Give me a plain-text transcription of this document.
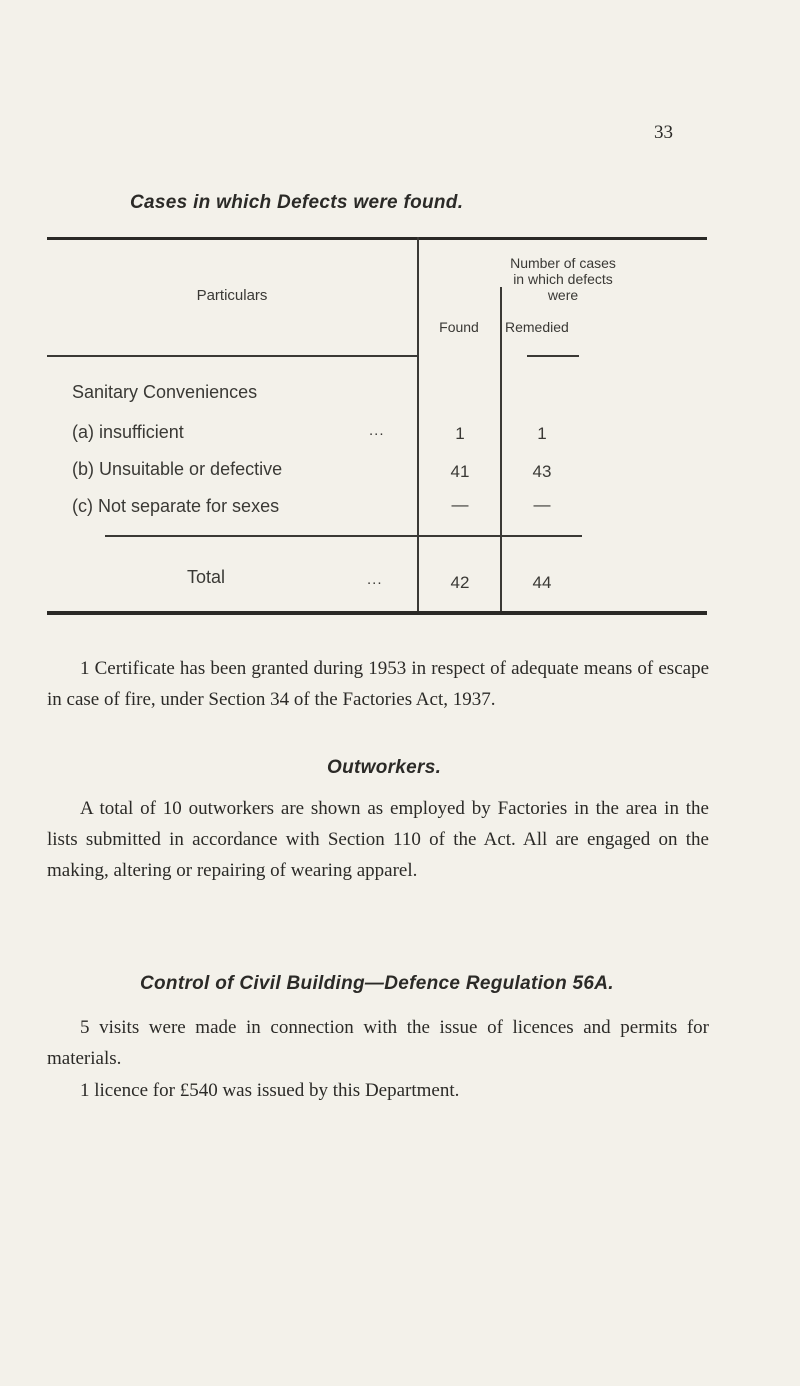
33
Cases in which Defects were found.
Particulars
Number of cases
in which defects
were
Found	Remedied
Sanitary Conveniences
(a) insufficient	...	1	1
(b) Unsuitable or defective	41	43
(c) Not separate for sexes	—	—
Total	...	42	44

1 Certificate has been granted during 1953 in respect of adequate means of escape in case of fire, under Section 34 of the Factories Act, 1937.

Outworkers.

A total of 10 outworkers are shown as employed by Factories in the area in the lists submitted in accordance with Section 110 of the Act. All are engaged on the making, altering or repairing of wearing apparel.

Control of Civil Building—Defence Regulation 56A.

5 visits were made in connection with the issue of licences and permits for materials.

1 licence for £540 was issued by this Department.
